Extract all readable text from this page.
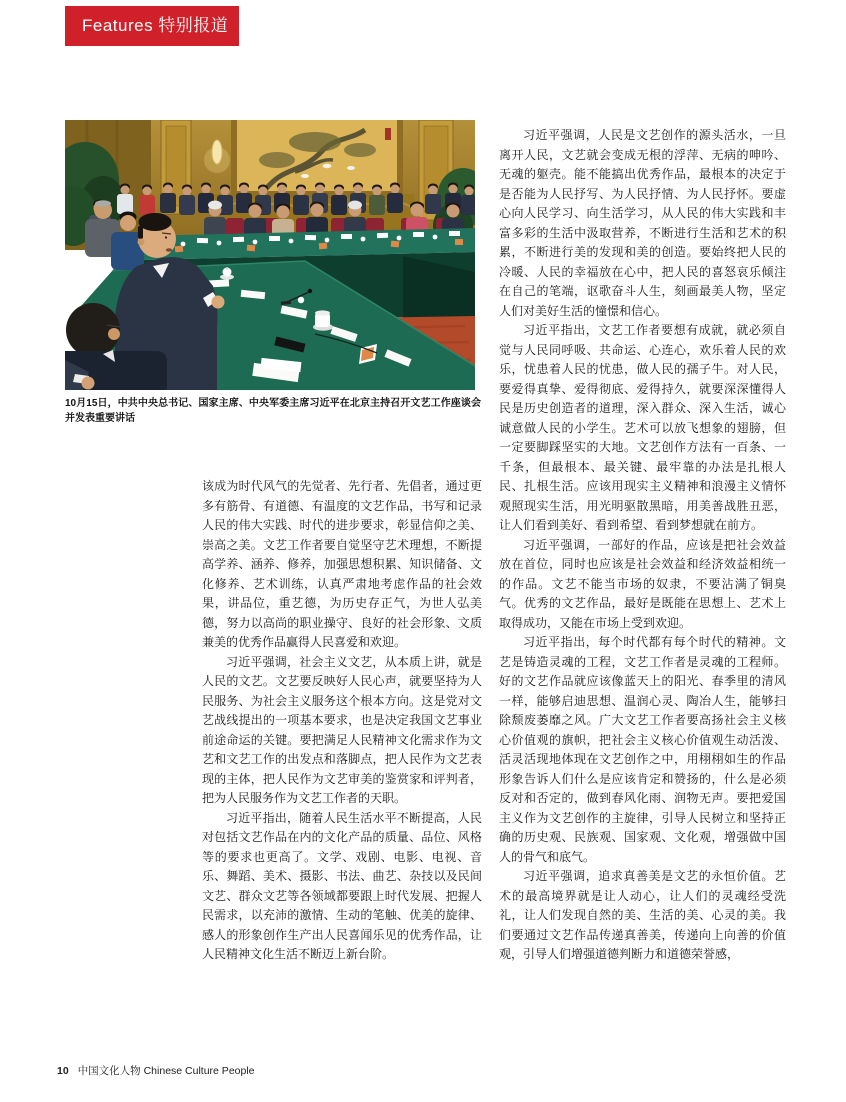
Features 特别报道

10月15日，中共中央总书记、国家主席、中央军委主席习近平在北京主持召开文艺工作座谈会并发表重要讲话

该成为时代风气的先觉者、先行者、先倡者，通过更多有筋骨、有道德、有温度的文艺作品，书写和记录人民的伟大实践、时代的进步要求，彰显信仰之美、崇高之美。文艺工作者要自觉坚守艺术理想，不断提高学养、涵养、修养，加强思想积累、知识储备、文化修养、艺术训练，认真严肃地考虑作品的社会效果，讲品位，重艺德，为历史存正气，为世人弘美德，努力以高尚的职业操守、良好的社会形象、文质兼美的优秀作品赢得人民喜爱和欢迎。

习近平强调，社会主义文艺，从本质上讲，就是人民的文艺。文艺要反映好人民心声，就要坚持为人民服务、为社会主义服务这个根本方向。这是党对文艺战线提出的一项基本要求，也是决定我国文艺事业前途命运的关键。要把满足人民精神文化需求作为文艺和文艺工作的出发点和落脚点，把人民作为文艺表现的主体，把人民作为文艺审美的鉴赏家和评判者，把为人民服务作为文艺工作者的天职。

习近平指出，随着人民生活水平不断提高，人民对包括文艺作品在内的文化产品的质量、品位、风格等的要求也更高了。文学、戏剧、电影、电视、音乐、舞蹈、美术、摄影、书法、曲艺、杂技以及民间文艺、群众文艺等各领域都要跟上时代发展、把握人民需求，以充沛的激情、生动的笔触、优美的旋律、感人的形象创作生产出人民喜闻乐见的优秀作品，让人民精神文化生活不断迈上新台阶。

习近平强调，人民是文艺创作的源头活水，一旦离开人民，文艺就会变成无根的浮萍、无病的呻吟、无魂的躯壳。能不能搞出优秀作品，最根本的决定于是否能为人民抒写、为人民抒情、为人民抒怀。要虚心向人民学习、向生活学习，从人民的伟大实践和丰富多彩的生活中汲取营养，不断进行生活和艺术的积累，不断进行美的发现和美的创造。要始终把人民的冷暖、人民的幸福放在心中，把人民的喜怒哀乐倾注在自己的笔端，讴歌奋斗人生，刻画最美人物，坚定人们对美好生活的憧憬和信心。

习近平指出，文艺工作者要想有成就，就必须自觉与人民同呼吸、共命运、心连心，欢乐着人民的欢乐，忧患着人民的忧患，做人民的孺子牛。对人民，要爱得真挚、爱得彻底、爱得持久，就要深深懂得人民是历史创造者的道理，深入群众、深入生活，诚心诚意做人民的小学生。艺术可以放飞想象的翅膀，但一定要脚踩坚实的大地。文艺创作方法有一百条、一千条，但最根本、最关键、最牢靠的办法是扎根人民、扎根生活。应该用现实主义精神和浪漫主义情怀观照现实生活，用光明驱散黑暗，用美善战胜丑恶，让人们看到美好、看到希望、看到梦想就在前方。

习近平强调，一部好的作品，应该是把社会效益放在首位，同时也应该是社会效益和经济效益相统一的作品。文艺不能当市场的奴隶，不要沾满了铜臭气。优秀的文艺作品，最好是既能在思想上、艺术上取得成功，又能在市场上受到欢迎。

习近平指出，每个时代都有每个时代的精神。文艺是铸造灵魂的工程，文艺工作者是灵魂的工程师。好的文艺作品就应该像蓝天上的阳光、春季里的清风一样，能够启迪思想、温润心灵、陶冶人生，能够扫除颓废萎靡之风。广大文艺工作者要高扬社会主义核心价值观的旗帜，把社会主义核心价值观生动活泼、活灵活现地体现在文艺创作之中，用栩栩如生的作品形象告诉人们什么是应该肯定和赞扬的，什么是必须反对和否定的，做到春风化雨、润物无声。要把爱国主义作为文艺创作的主旋律，引导人民树立和坚持正确的历史观、民族观、国家观、文化观，增强做中国人的骨气和底气。

习近平强调，追求真善美是文艺的永恒价值。艺术的最高境界就是让人动心，让人们的灵魂经受洗礼，让人们发现自然的美、生活的美、心灵的美。我们要通过文艺作品传递真善美，传递向上向善的价值观，引导人们增强道德判断力和道德荣誉感，

10 中国文化人物 Chinese Culture People
